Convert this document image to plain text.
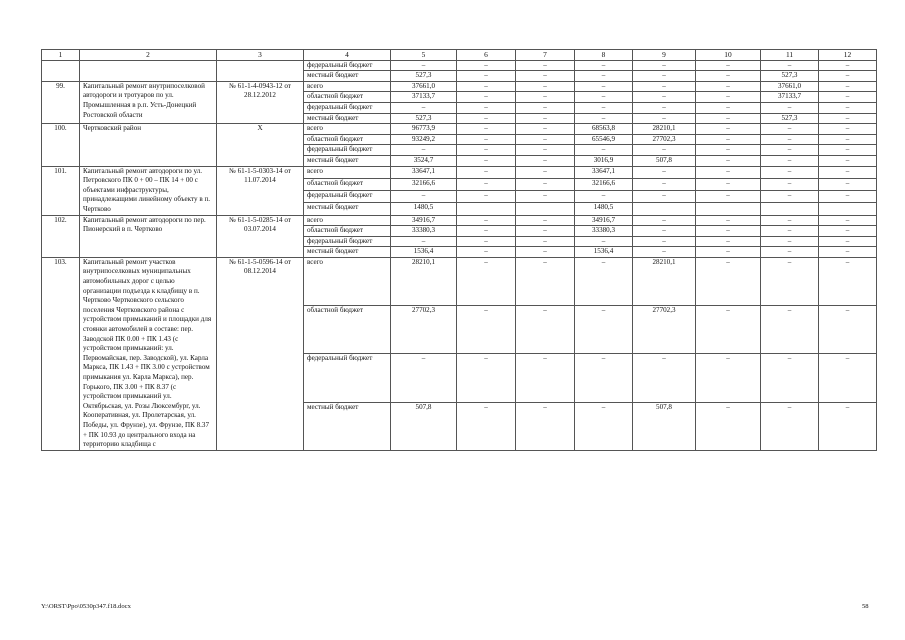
1	2	3	4	5	6	7	8	9	10	11	12
			федеральный бюджет	–	–	–	–	–	–	–	–
			местный бюджет	527,3	–	–	–	–	–	527,3	–
99.	Капитальный ремонт внутрипоселковой автодороги и тротуаров по ул. Промышленная в р.п. Усть-Донецкий Ростовской области	№ 61-1-4-0943-12 от 28.12.2012	всего	37661,0	–	–	–	–	–	37661,0	–
			областной бюджет	37133,7	–	–	–	–	–	37133,7	–
			федеральный бюджет	–	–	–	–	–	–	–	–
			местный бюджет	527,3	–	–	–	–	–	527,3	–
100.	Чертковский район	X	всего	96773,9	–	–	68563,8	28210,1	–	–	–
			областной бюджет	93249,2	–	–	65546,9	27702,3	–	–	–
			федеральный бюджет	–	–	–	–	–	–	–	–
			местный бюджет	3524,7	–	–	3016,9	507,8	–	–	–
101.	Капитальный ремонт автодороги по ул. Петровского ПК 0 + 00 – ПК 14 + 00 с объектами инфраструктуры, принадлежащими линейному объекту в п. Чертково	№ 61-1-5-0303-14 от 11.07.2014	всего	33647,1	–	–	33647,1	–	–	–	–
			областной бюджет	32166,6	–	–	32166,6	–	–	–	–
			федеральный бюджет	–	–	–	–	–	–	–	–
			местный бюджет	1480,5			1480,5				
102.	Капитальный ремонт автодороги по пер. Пионерский в п. Чертково	№ 61-1-5-0285-14 от 03.07.2014	всего	34916,7	–	–	34916,7	–	–	–	–
			областной бюджет	33380,3	–	–	33380,3	–	–	–	–
			федеральный бюджет	–	–	–	–	–	–	–	–
			местный бюджет	1536,4	–	–	1536,4	–	–	–	–
103.	Капитальный ремонт участков внутрипоселковых муниципальных автомобильных дорог с целью организации подъезда к кладбищу в п. Чертково Чертковского сельского поселения Чертковского района с устройством примыканий и площадки для стоянки автомобилей в составе: пер. Заводской ПК 0.00 + ПК 1.43 (с устройством примыканий: ул. Первомайская, пер. Заводской), ул. Карла Маркса, ПК 1.43 + ПК 3.00 с устройством примыкания ул. Карла Маркса), пер. Горького, ПК 3.00 + ПК 8.37 (с устройством примыканий ул. Октябрьская, ул. Розы Люксембург, ул. Кооперативная, ул. Пролетарская, ул. Победы, ул. Фрунзе), ул. Фрунзе, ПК 8.37 + ПК 10.93 до центрального входа на территорию кладбища с	№ 61-1-5-0596-14 от 08.12.2014	всего	28210,1	–	–	–	28210,1	–	–	–
			областной бюджет	27702,3	–	–	–	27702,3	–	–	–
			федеральный бюджет	–	–	–	–	–	–	–	–
			местный бюджет	507,8	–	–	–	507,8	–	–	–
Y:\ORST\Ppo\0530p347.f18.docx	58
